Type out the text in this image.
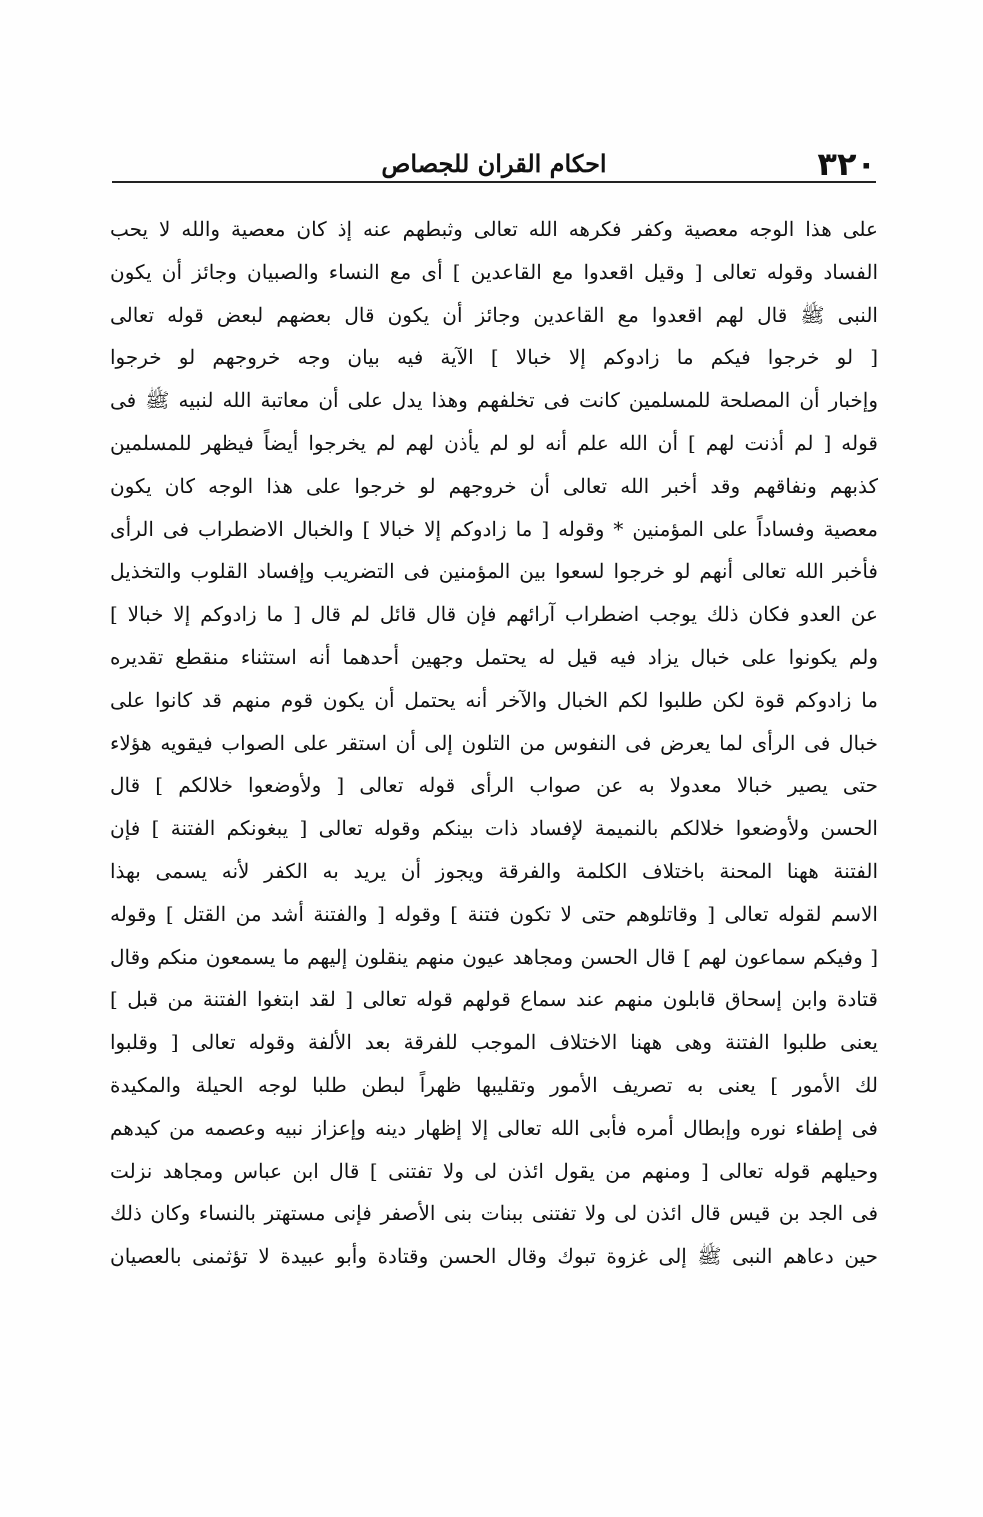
۳۲۰
احكام القران للجصاص
على هذا الوجه معصية وكفر فكرهه الله تعالى وثبطهم عنه إذ كان معصية والله لا يحب
الفساد وقوله تعالى [ وقيل اقعدوا مع القاعدين ] أى مع النساء والصبيان وجائز أن يكون
النبى ﷺ قال لهم اقعدوا مع القاعدين وجائز أن يكون قال بعضهم لبعض قوله تعالى
[ لو خرجوا فيكم ما زادوكم إلا خبالا ] الآية فيه بيان وجه خروجهم لو خرجوا
وإخبار أن المصلحة للمسلمين كانت فى تخلفهم وهذا يدل على أن معاتبة الله لنبيه ﷺ فى
قوله [ لم أذنت لهم ] أن الله علم أنه لو لم يأذن لهم لم يخرجوا أيضاً فيظهر للمسلمين
كذبهم ونفاقهم وقد أخبر الله تعالى أن خروجهم لو خرجوا على هذا الوجه كان يكون
معصية وفساداً على المؤمنين * وقوله [ ما زادوكم إلا خبالا ] والخبال الاضطراب فى الرأى
فأخبر الله تعالى أنهم لو خرجوا لسعوا بين المؤمنين فى التضريب وإفساد القلوب والتخذيل
عن العدو فكان ذلك يوجب اضطراب آرائهم فإن قال قائل لم قال [ ما زادوكم إلا خبالا ]
ولم يكونوا على خبال يزاد فيه قيل له يحتمل وجهين أحدهما أنه استثناء منقطع تقديره
ما زادوكم قوة لكن طلبوا لكم الخبال والآخر أنه يحتمل أن يكون قوم منهم قد كانوا على
خبال فى الرأى لما يعرض فى النفوس من التلون إلى أن استقر على الصواب فيقويه هؤلاء
حتى يصير خبالا معدولا به عن صواب الرأى قوله تعالى [ ولأوضعوا خلالكم ] قال
الحسن ولأوضعوا خلالكم بالنميمة لإفساد ذات بينكم وقوله تعالى [ يبغونكم الفتنة ] فإن
الفتنة ههنا المحنة باختلاف الكلمة والفرقة ويجوز أن يريد به الكفر لأنه يسمى بهذا
الاسم لقوله تعالى [ وقاتلوهم حتى لا تكون فتنة ] وقوله [ والفتنة أشد من القتل ] وقوله
[ وفيكم سماعون لهم ] قال الحسن ومجاهد عيون منهم ينقلون إليهم ما يسمعون منكم وقال
قتادة وابن إسحاق قابلون منهم عند سماع قولهم قوله تعالى [ لقد ابتغوا الفتنة من قبل ]
يعنى طلبوا الفتنة وهى ههنا الاختلاف الموجب للفرقة بعد الألفة وقوله تعالى [ وقلبوا
لك الأمور ] يعنى به تصريف الأمور وتقليبها ظهراً لبطن طلبا لوجه الحيلة والمكيدة
فى إطفاء نوره وإبطال أمره فأبى الله تعالى إلا إظهار دينه وإعزاز نبيه وعصمه من كيدهم
وحيلهم قوله تعالى [ ومنهم من يقول ائذن لى ولا تفتنى ] قال ابن عباس ومجاهد نزلت
فى الجد بن قيس قال ائذن لى ولا تفتنى ببنات بنى الأصفر فإنى مستهتر بالنساء وكان ذلك
حين دعاهم النبى ﷺ إلى غزوة تبوك وقال الحسن وقتادة وأبو عبيدة لا تؤثمنى بالعصيان
